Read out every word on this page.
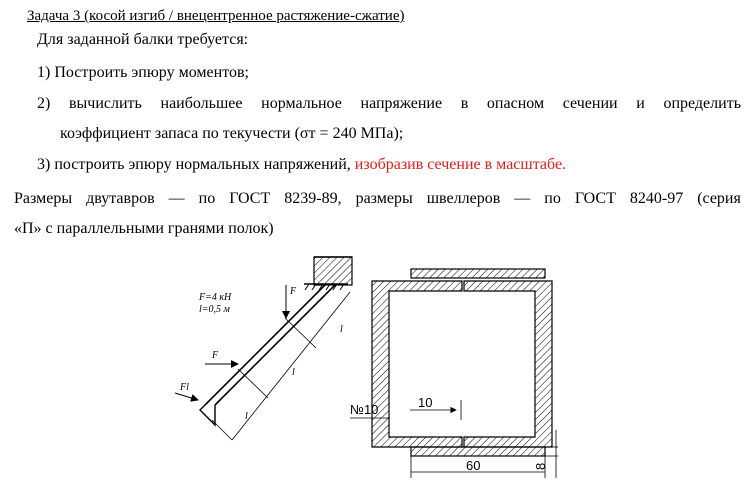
Задача 3 (косой изгиб / внецентренное растяжение-сжатие)
Для заданной балки требуется:
1) Построить эпюру моментов;
2) вычислить наибольшее нормальное напряжение в опасном сечении и определить
коэффициент запаса по текучести (σт = 240 МПа);
3) построить эпюру нормальных напряжений, изобразив сечение в масштабе.
Размеры двутавров — по ГОСТ 8239-89, размеры швеллеров — по ГОСТ 8240-97 (серия
«П» с параллельными гранями полок)
F=4 кН
l=0,5 м
F
F
Fl
l
l
l	№10	10
60	8
